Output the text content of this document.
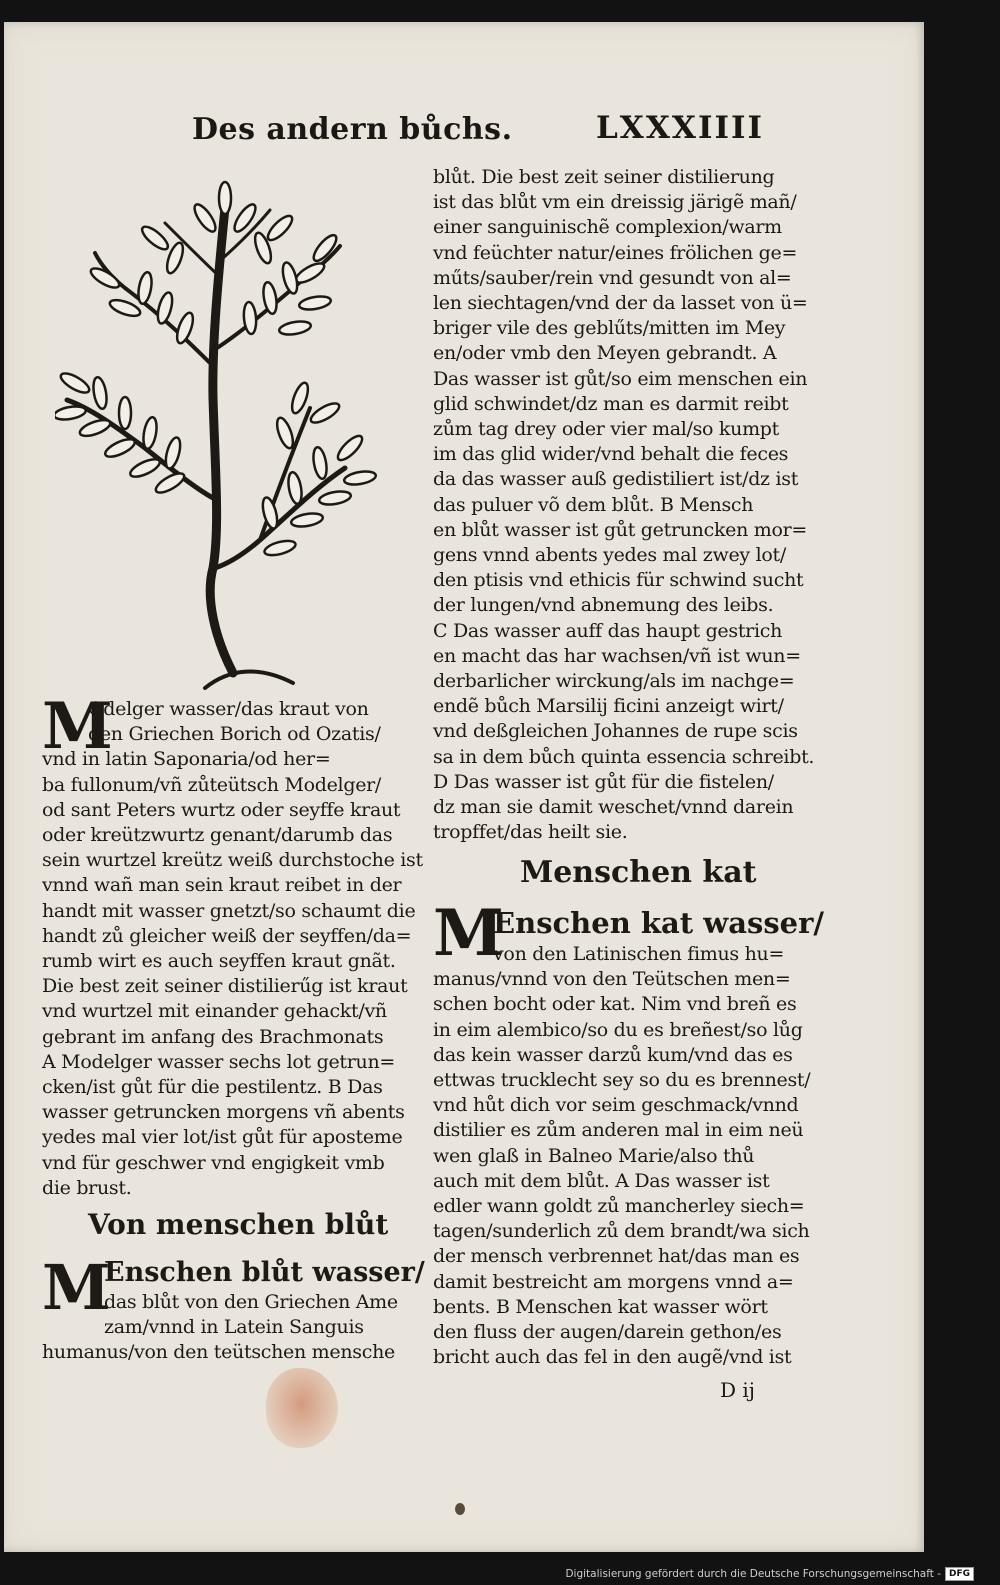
Des andern bůchs.	LXXXIIII
M
Odelger wasser/das kraut von
den Griechen Borich od Ozatis/
vnd in latin Saponaria/od her=
ba fullonum/vñ zůteütsch Modelger/
od sant Peters wurtz oder seyffe kraut
oder kreützwurtz genant/darumb das
sein wurtzel kreütz weiß durchstoche ist
vnnd wañ man sein kraut reibet in der
handt mit wasser gnetzt/so schaumt die
handt zů gleicher weiß der seyffen/da=
rumb wirt es auch seyffen kraut gnãt.
Die best zeit seiner distilierűg ist kraut
vnd wurtzel mit einander gehackt/vñ
gebrant im anfang des Brachmonats
A Modelger wasser sechs lot getrun=
cken/ist gůt für die pestilentz. B Das
wasser getruncken morgens vñ abents
yedes mal vier lot/ist gůt für aposteme
vnd für geschwer vnd engigkeit vmb
die brust.
Von menschen blůt
M
Enschen blůt wasser/
das blůt von den Griechen Ame
zam/vnnd in Latein Sanguis
humanus/von den teütschen mensche
blůt. Die best zeit seiner distilierung
ist das blůt vm ein dreissig järigẽ mañ/
einer sanguinischẽ complexion/warm
vnd feüchter natur/eines frölichen ge=
műts/sauber/rein vnd gesundt von al=
len siechtagen/vnd der da lasset von ü=
briger vile des geblűts/mitten im Mey
en/oder vmb den Meyen gebrandt. A
Das wasser ist gůt/so eim menschen ein
glid schwindet/dz man es darmit reibt
zům tag drey oder vier mal/so kumpt
im das glid wider/vnd behalt die feces
da das wasser auß gedistiliert ist/dz ist
das puluer võ dem blůt. B Mensch
en blůt wasser ist gůt getruncken mor=
gens vnnd abents yedes mal zwey lot/
den ptisis vnd ethicis für schwind sucht
der lungen/vnd abnemung des leibs.
C Das wasser auff das haupt gestrich
en macht das har wachsen/vñ ist wun=
derbarlicher wirckung/als im nachge=
endẽ bůch Marsilij ficini anzeigt wirt/
vnd deßgleichen Johannes de rupe scis
sa in dem bůch quinta essencia schreibt.
D Das wasser ist gůt für die fistelen/
dz man sie damit weschet/vnnd darein
tropffet/das heilt sie.
Menschen kat
M
Enschen kat wasser/
von den Latinischen fimus hu=
manus/vnnd von den Teütschen men=
schen bocht oder kat. Nim vnd breñ es
in eim alembico/so du es breñest/so lůg
das kein wasser darzů kum/vnd das es
ettwas trucklecht sey so du es brennest/
vnd hůt dich vor seim geschmack/vnnd
distilier es zům anderen mal in eim neü
wen glaß in Balneo Marie/also thů
auch mit dem blůt. A Das wasser ist
edler wann goldt zů mancherley siech=
tagen/sunderlich zů dem brandt/wa sich
der mensch verbrennet hat/das man es
damit bestreicht am morgens vnnd a=
bents. B Menschen kat wasser wört
den fluss der augen/darein gethon/es
bricht auch das fel in den augẽ/vnd ist
D ij
Digitalisierung gefördert durch die Deutsche Forschungsgemeinschaft - DFG
